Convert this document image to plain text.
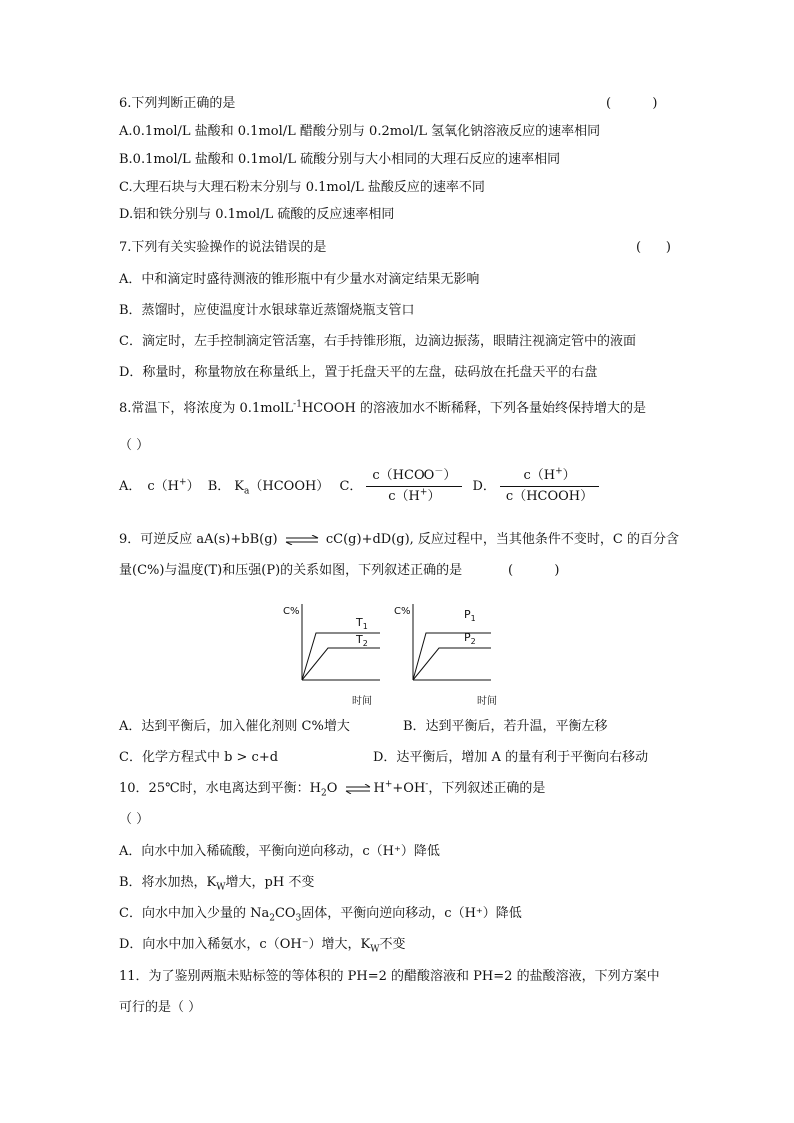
6.下列判断正确的是	(          )
A.0.1mol/L 盐酸和 0.1mol/L 醋酸分别与 0.2mol/L 氢氧化钠溶液反应的速率相同
B.0.1mol/L 盐酸和 0.1mol/L 硫酸分别与大小相同的大理石反应的速率相同
C.大理石块与大理石粉末分别与 0.1mol/L 盐酸反应的速率不同
D.铝和铁分别与 0.1mol/L 硫酸的反应速率相同
7.下列有关实验操作的说法错误的是	(      )
A．中和滴定时盛待测液的锥形瓶中有少量水对滴定结果无影响
B．蒸馏时，应使温度计水银球靠近蒸馏烧瓶支管口
C．滴定时，左手控制滴定管活塞，右手持锥形瓶，边滴边振荡，眼睛注视滴定管中的液面
D．称量时，称量物放在称量纸上，置于托盘天平的左盘，砝码放在托盘天平的右盘
8.常温下，将浓度为 0.1molL$^{-1}$HCOOH 的溶液加水不断稀释，下列各量始终保持增大的是
（ ）
A． c（H+） B． $K_a(HCOOH)$ C． $\frac{c(HCOO^-)}{c(H^+)}$ D． $\frac{c(H^+)}{\text{c（HCOOH）}}$
9．可逆反应 aA(s)+bB(g) ⇌ cC(g)+dD(g), 反应过程中，当其他条件不变时，C 的百分含
量(C%)与温度(T)和压强(P)的关系如图，下列叙述正确的是	(          )
C%
时间
$T_1$
$T_2$
C%
时间
$P_1$
$P_2$
A．达到平衡后，加入催化剂则 C%增大	B．达到平衡后，若升温，平衡左移
C．化学方程式中 b > c+d	D．达平衡后，增加 A 的量有利于平衡向右移动
10．25℃时，水电离达到平衡：$H_2O$ ⇌ H++OH-，下列叙述正确的是
（ ）
A．向水中加入稀硫酸，平衡向逆向移动，c（H⁺）降低
B．将水加热，$K_W$增大，pH 不变
C．向水中加入少量的 $Na_2CO_3$固体，平衡向逆向移动，c（H⁺）降低
D．向水中加入稀氨水，c（OH⁻）增大，$K_W$不变
11．为了鉴别两瓶未贴标签的等体积的 PH=2 的醋酸溶液和 PH=2 的盐酸溶液，下列方案中
可行的是（ ）
